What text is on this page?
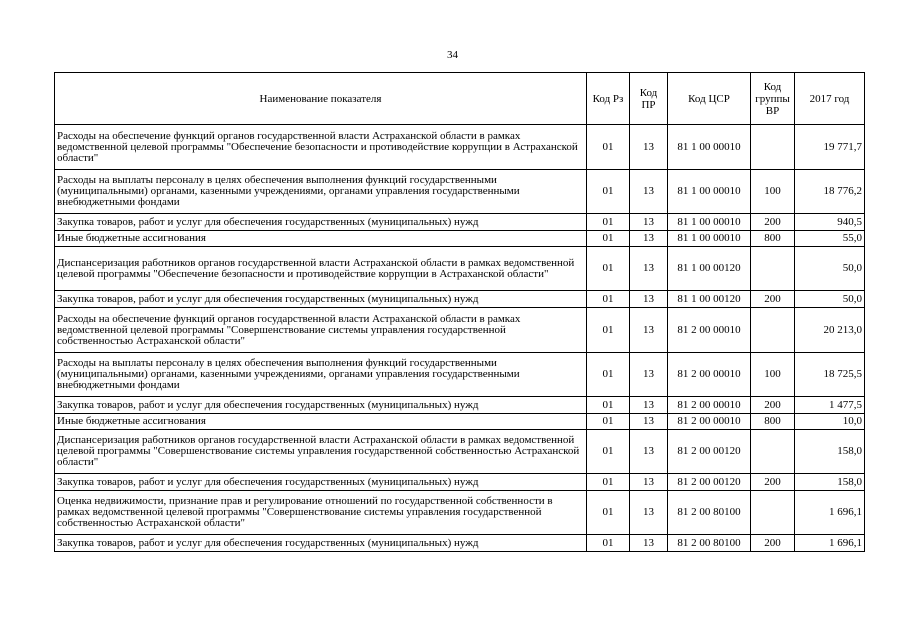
34
Наименование показателя	Код Рз	Код ПР	Код ЦСР	Код группы ВР	2017 год
Расходы на обеспечение функций органов государственной власти Астраханской области в рамках ведомственной целевой программы "Обеспечение безопасности и противодействие коррупции в Астраханской области"	01	13	81 1 00 00010		19 771,7
Расходы на выплаты персоналу в целях обеспечения выполнения функций государственными (муниципальными) органами, казенными учреждениями, органами управления государственными внебюджетными фондами	01	13	81 1 00 00010	100	18 776,2
Закупка товаров, работ и услуг для обеспечения государственных (муниципальных) нужд	01	13	81 1 00 00010	200	940,5
Иные бюджетные ассигнования	01	13	81 1 00 00010	800	55,0
Диспансеризация работников органов государственной власти Астраханской области в рамках ведомственной целевой программы "Обеспечение безопасности и противодействие коррупции в Астраханской области"	01	13	81 1 00 00120		50,0
Закупка товаров, работ и услуг для обеспечения государственных (муниципальных) нужд	01	13	81 1 00 00120	200	50,0
Расходы на обеспечение функций органов государственной власти Астраханской области в рамках ведомственной целевой программы "Совершенствование системы управления государственной собственностью Астраханской области"	01	13	81 2 00 00010		20 213,0
Расходы на выплаты персоналу в целях обеспечения выполнения функций государственными (муниципальными) органами, казенными учреждениями, органами управления государственными внебюджетными фондами	01	13	81 2 00 00010	100	18 725,5
Закупка товаров, работ и услуг для обеспечения государственных (муниципальных) нужд	01	13	81 2 00 00010	200	1 477,5
Иные бюджетные ассигнования	01	13	81 2 00 00010	800	10,0
Диспансеризация работников органов государственной власти Астраханской области в рамках ведомственной целевой программы "Совершенствование системы управления государственной собственностью Астраханской области"	01	13	81 2 00 00120		158,0
Закупка товаров, работ и услуг для обеспечения государственных (муниципальных) нужд	01	13	81 2 00 00120	200	158,0
Оценка недвижимости, признание прав и регулирование отношений по государственной собственности в рамках ведомственной целевой программы "Совершенствование системы управления государственной собственностью Астраханской области"	01	13	81 2 00 80100		1 696,1
Закупка товаров, работ и услуг для обеспечения государственных (муниципальных) нужд	01	13	81 2 00 80100	200	1 696,1
